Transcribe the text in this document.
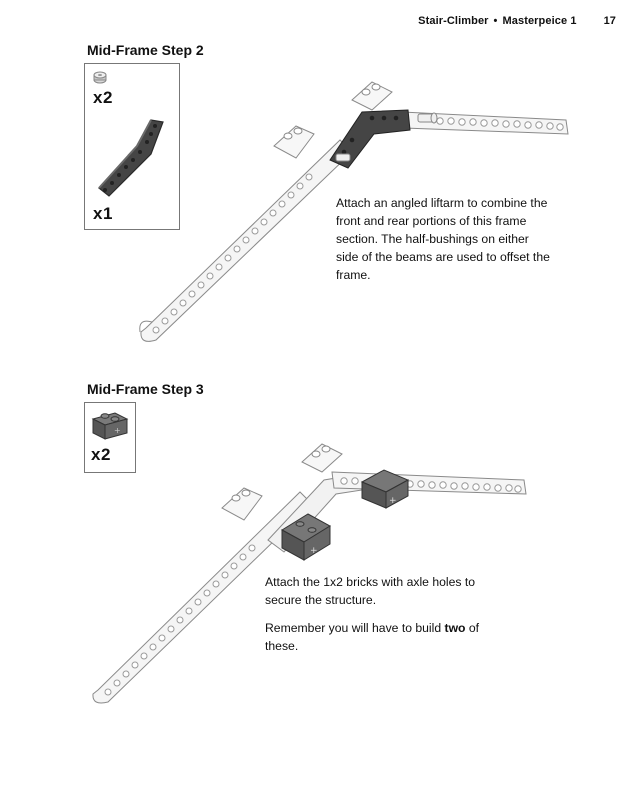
Stair-Climber • Masterpeice 1 17
Mid-Frame Step 2
x2
x1
Attach an angled liftarm to combine the front and rear portions of this frame section. The half-bushings on either side of the beams are used to offset the frame.
Mid-Frame Step 3
+
x2
+
+
Attach the 1x2 bricks with axle holes to secure the structure.
Remember you will have to build two of these.
